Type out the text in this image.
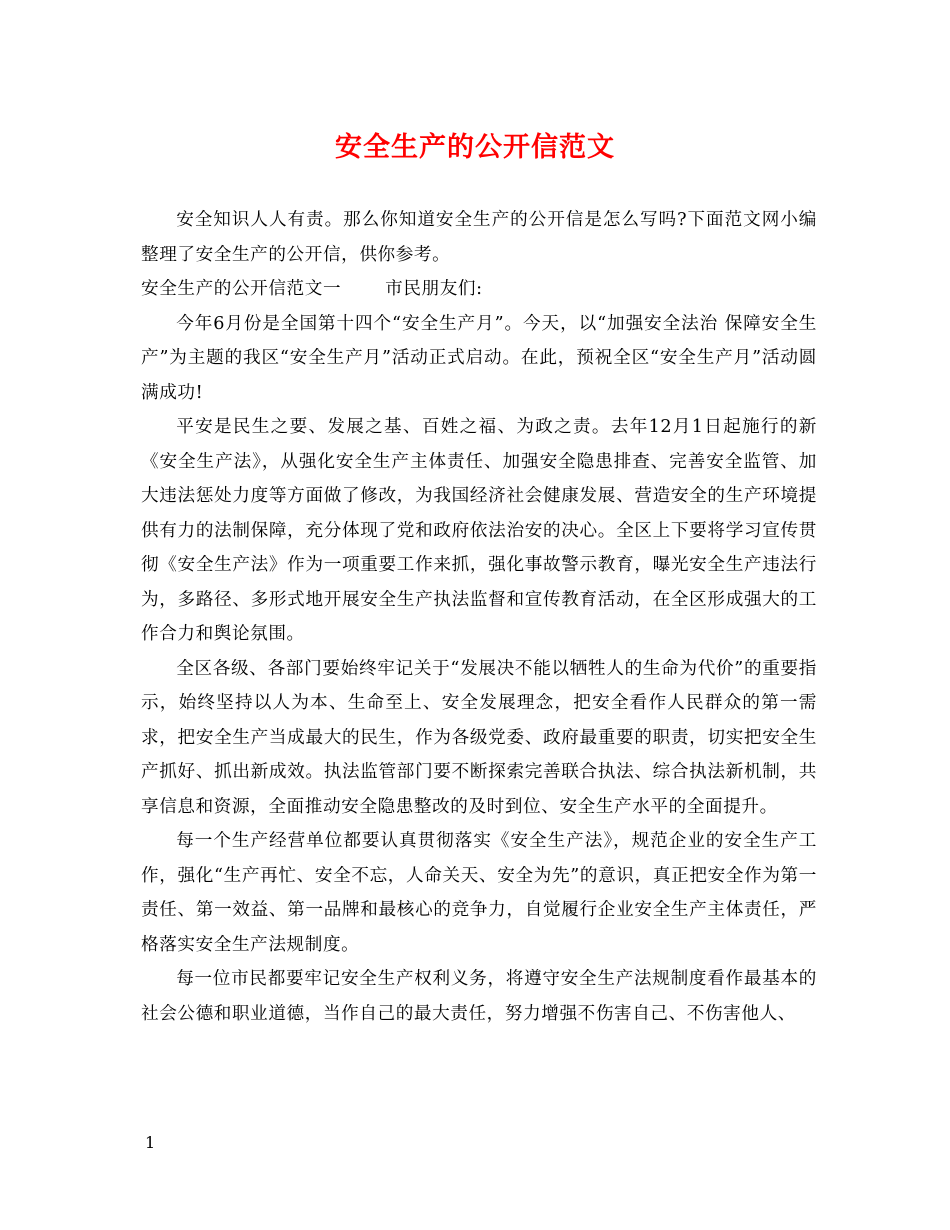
安全生产的公开信范文

安全知识人人有责。那么你知道安全生产的公开信是怎么写吗?下面范文网小编整理了安全生产的公开信，供你参考。

安全生产的公开信范文一	市民朋友们:

今年6月份是全国第十四个“安全生产月”。今天，以“加强安全法治 保障安全生产”为主题的我区“安全生产月”活动正式启动。在此，预祝全区“安全生产月”活动圆满成功!

平安是民生之要、发展之基、百姓之福、为政之责。去年12月1日起施行的新《安全生产法》，从强化安全生产主体责任、加强安全隐患排查、完善安全监管、加大违法惩处力度等方面做了修改，为我国经济社会健康发展、营造安全的生产环境提供有力的法制保障，充分体现了党和政府依法治安的决心。全区上下要将学习宣传贯彻《安全生产法》作为一项重要工作来抓，强化事故警示教育，曝光安全生产违法行为，多路径、多形式地开展安全生产执法监督和宣传教育活动，在全区形成强大的工作合力和舆论氛围。

全区各级、各部门要始终牢记关于“发展决不能以牺牲人的生命为代价”的重要指示，始终坚持以人为本、生命至上、安全发展理念，把安全看作人民群众的第一需求，把安全生产当成最大的民生，作为各级党委、政府最重要的职责，切实把安全生产抓好、抓出新成效。执法监管部门要不断探索完善联合执法、综合执法新机制，共享信息和资源，全面推动安全隐患整改的及时到位、安全生产水平的全面提升。

每一个生产经营单位都要认真贯彻落实《安全生产法》，规范企业的安全生产工作，强化“生产再忙、安全不忘，人命关天、安全为先”的意识，真正把安全作为第一责任、第一效益、第一品牌和最核心的竞争力，自觉履行企业安全生产主体责任，严格落实安全生产法规制度。

每一位市民都要牢记安全生产权利义务，将遵守安全生产法规制度看作最基本的社会公德和职业道德，当作自己的最大责任，努力增强不伤害自己、不伤害他人、

1
